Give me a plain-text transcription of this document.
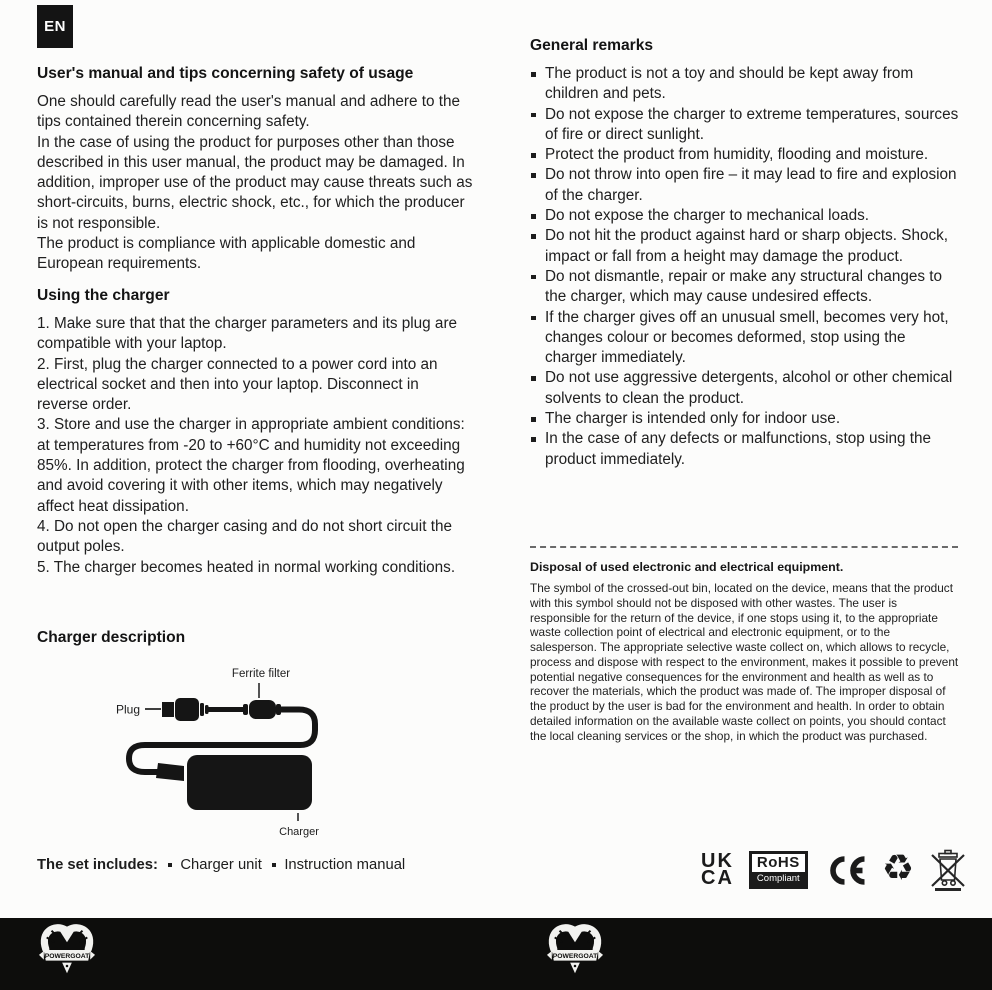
EN
User's manual and tips concerning safety of usage

One should carefully read the user's manual and adhere to the tips contained therein concerning safety.

In the case of using the product for purposes other than those described in this user manual, the product may be damaged. In addition, improper use of the product may cause threats such as short-circuits, burns, electric shock, etc., for which the producer is not responsible.

The product is compliance with applicable domestic and European requirements.

Using the charger

1. Make sure that that the charger parameters and its plug are compatible with your laptop.

2. First, plug the charger connected to a power cord into an electrical socket and then into your laptop. Disconnect in reverse order.

3. Store and use the charger in appropriate ambient conditions: at temperatures from -20 to +60°C and humidity not exceeding 85%. In addition, protect the charger from flooding, overheating and avoid covering it with other items, which may negatively affect heat dissipation.

4. Do not open the charger casing and do not short circuit the output poles.

5. The charger becomes heated in normal working conditions.

Charger description
Ferrite filter
Plug
Charger
The set includes: Charger unit Instruction manual
General remarks
The product is not a toy and should be kept away from children and pets.
Do not expose the charger to extreme temperatures, sources of fire or direct sunlight.
Protect the product from humidity, flooding and moisture.
Do not throw into open fire – it may lead to fire and explosion of the charger.
Do not expose the charger to mechanical loads.
Do not hit the product against hard or sharp objects. Shock, impact or fall from a height may damage the product.
Do not dismantle, repair or make any structural changes to the charger, which may cause undesired effects.
If the charger gives off an unusual smell, becomes very hot, changes colour or becomes deformed, stop using the charger immediately.
Do not use aggressive detergents, alcohol or other chemical solvents to clean the product.
The charger is intended only for indoor use.
In the case of any defects or malfunctions, stop using the product immediately.
Disposal of used electronic and electrical equipment.

The symbol of the crossed-out bin, located on the device, means that the product with this symbol should not be disposed with other wastes. The user is responsible for the return of the device, if one stops using it, to the appropriate waste collection point of electrical and electronic equipment, or to the salesperson. The appropriate selective waste collect on, which allows to recycle, process and dispose with respect to the environment, makes it possible to prevent potential negative consequences for the environment and health as well as to recover the materials, which the product was made of. The improper disposal of the product by the user is bad for the environment and health. In order to obtain detailed information on the available waste collect on points, you should contact the local cleaning services or the shop, in which the product was purchased.

UK
CA
RoHS
Compliant ♻
POWERGOAT	POWERGOAT
